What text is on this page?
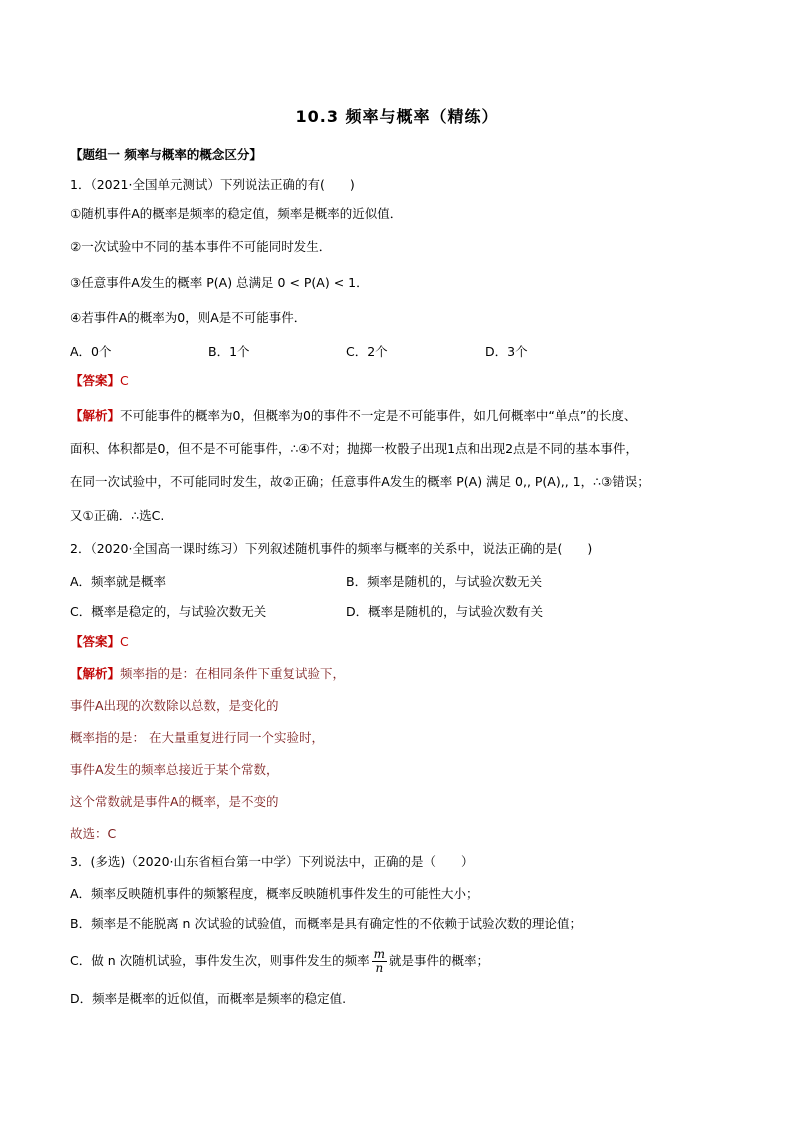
10.3 频率与概率（精练）
【题组一 频率与概率的概念区分】
1．（2021·全国单元测试）下列说法正确的有(　　)
①随机事件A的概率是频率的稳定值，频率是概率的近似值．
②一次试验中不同的基本事件不可能同时发生．
③任意事件A发生的概率 P(A) 总满足 0 < P(A) < 1．
④若事件A的概率为0，则A是不可能事件．
A．0个	B．1个	C．2个	D．3个
【答案】C
【解析】不可能事件的概率为0，但概率为0的事件不一定是不可能事件，如几何概率中“单点”的长度、
面积、体积都是0，但不是不可能事件，∴④不对；抛掷一枚骰子出现1点和出现2点是不同的基本事件，
在同一次试验中，不可能同时发生，故②正确；任意事件A发生的概率 P(A) 满足 0,, P(A),, 1，∴③错误；
又①正确．∴选C.
2．（2020·全国高一课时练习）下列叙述随机事件的频率与概率的关系中，说法正确的是(　　)
A．频率就是概率	B．频率是随机的，与试验次数无关
C．概率是稳定的，与试验次数无关	D．概率是随机的，与试验次数有关
【答案】C
【解析】频率指的是：在相同条件下重复试验下，
事件A出现的次数除以总数，是变化的
概率指的是： 在大量重复进行同一个实验时，
事件A发生的频率总接近于某个常数，
这个常数就是事件A的概率，是不变的
故选：C
3．(多选)（2020·山东省桓台第一中学）下列说法中，正确的是（　　）
A．频率反映随机事件的频繁程度，概率反映随机事件发生的可能性大小；
B．频率是不能脱离 n 次试验的试验值，而概率是具有确定性的不依赖于试验次数的理论值；
C．做 n 次随机试验，事件发生次，则事件发生的频率 $\frac{m}{n}$ 就是事件的概率；
D．频率是概率的近似值，而概率是频率的稳定值.
